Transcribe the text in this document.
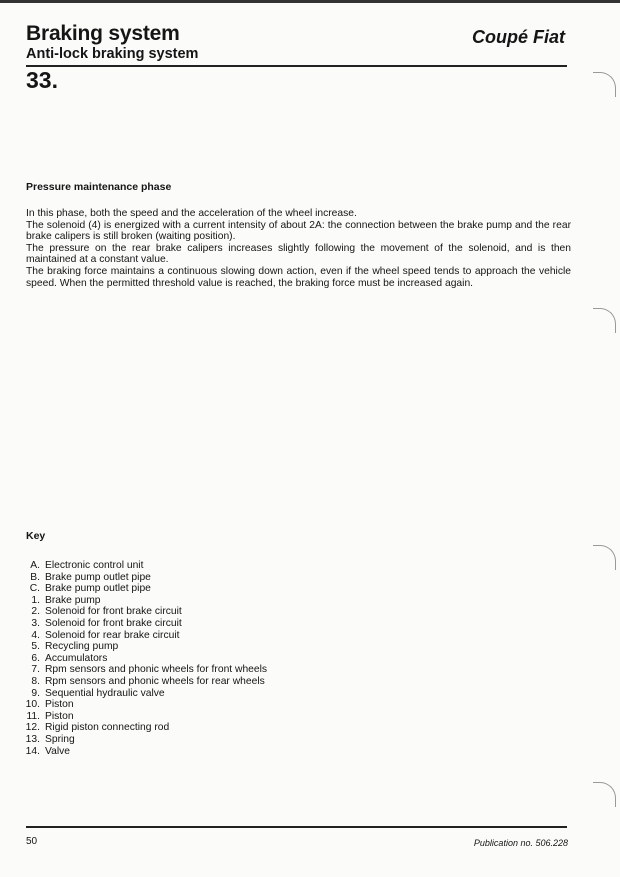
Braking system
Anti-lock braking system
Coupé Fiat
33.
Pressure maintenance phase

In this phase, both the speed and the acceleration of the wheel increase.

The solenoid (4) is energized with a current intensity of about 2A: the connection between the brake pump and the rear brake calipers is still broken (waiting position).

The pressure on the rear brake calipers increases slightly following the movement of the solenoid, and is then maintained at a constant value.

The braking force maintains a continuous slowing down action, even if the wheel speed tends to approach the vehicle speed. When the permitted threshold value is reached, the braking force must be increased again.

Key
A. Electronic control unit
B. Brake pump outlet pipe
C. Brake pump outlet pipe
1. Brake pump
2. Solenoid for front brake circuit
3. Solenoid for front brake circuit
4. Solenoid for rear brake circuit
5. Recycling pump
6. Accumulators
7. Rpm sensors and phonic wheels for front wheels
8. Rpm sensors and phonic wheels for rear wheels
9. Sequential hydraulic valve
10. Piston
11. Piston
12. Rigid piston connecting rod
13. Spring
14. Valve
50	Publication no. 506.228
